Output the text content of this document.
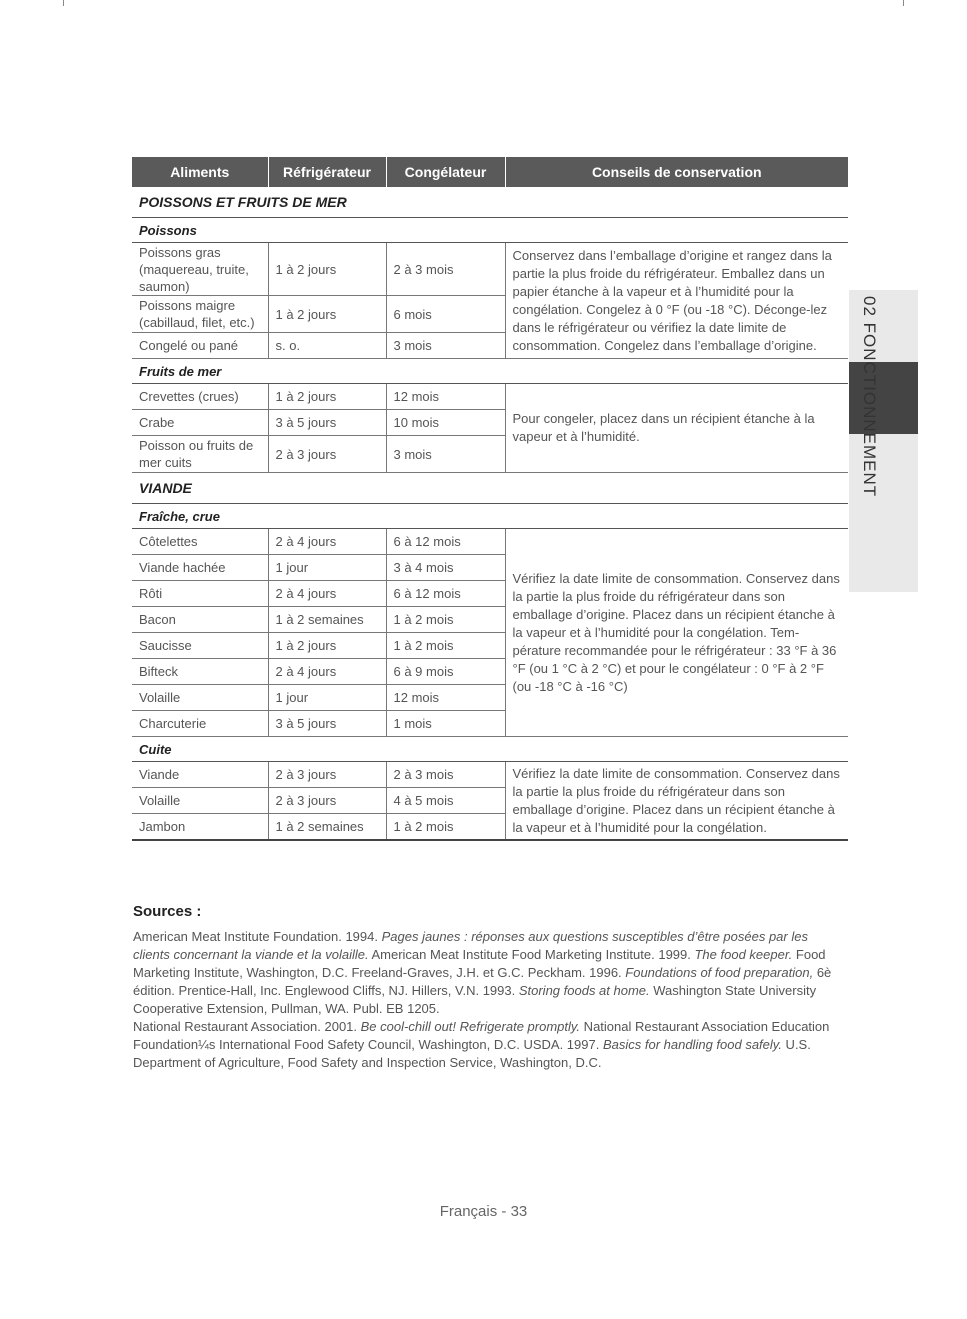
Aliments	Réfrigérateur	Congélateur	Conseils de conservation
POISSONS ET FRUITS DE MER			
Poissons			
Poissons gras (maquereau, truite, saumon)	1 à 2 jours	2 à 3 mois	Conservez dans l’emballage d’origine et rangez dans la partie la plus froide du réfrigérateur. Emballez dans un papier étanche à la vapeur et à l’humidité pour la congélation. Congelez à 0 °F (ou -18 °C). Déconge-lez dans le réfrigérateur ou vérifiez la date limite de consommation. Congelez dans l’emballage d’origine.
Poissons maigre (cabillaud, filet, etc.)	1 à 2 jours	6 mois	
Congelé ou pané	s. o.	3 mois	
Fruits de mer			
Crevettes (crues)	1 à 2 jours	12 mois	Pour congeler, placez dans un récipient étanche à la vapeur et à l’humidité.
Crabe	3 à 5 jours	10 mois	
Poisson ou fruits de mer cuits	2 à 3 jours	3 mois	
VIANDE			
Fraîche, crue			
Côtelettes	2 à 4 jours	6 à 12 mois	Vérifiez la date limite de consommation. Conservez dans la partie la plus froide du réfrigérateur dans son emballage d’origine. Placez dans un récipient étanche à la vapeur et à l’humidité pour la congélation. Tem-pérature recommandée pour le réfrigérateur : 33 °F à 36 °F (ou 1 °C à 2 °C) et pour le congélateur : 0 °F à 2 °F (ou -18 °C à -16 °C)
Viande hachée	1 jour	3 à 4 mois	
Rôti	2 à 4 jours	6 à 12 mois	
Bacon	1 à 2 semaines	1 à 2 mois	
Saucisse	1 à 2 jours	1 à 2 mois	
Bifteck	2 à 4 jours	6 à 9 mois	
Volaille	1 jour	12 mois	
Charcuterie	3 à 5 jours	1 mois	
Cuite			
Viande	2 à 3 jours	2 à 3 mois	Vérifiez la date limite de consommation. Conservez dans la partie la plus froide du réfrigérateur dans son emballage d’origine. Placez dans un récipient étanche à la vapeur et à l’humidité pour la congélation.
Volaille	2 à 3 jours	4 à 5 mois	
Jambon	1 à 2 semaines	1 à 2 mois	
02 FONCTIONNEMENT
Sources :

American Meat Institute Foundation. 1994. Pages jaunes : réponses aux questions susceptibles d’être posées par les clients concernant la viande et la volaille. American Meat Institute Food Marketing Institute. 1999. The food keeper. Food Marketing Institute, Washington, D.C. Freeland-Graves, J.H. et G.C. Peckham. 1996. Foundations of food preparation, 6è édition. Prentice-Hall, Inc. Englewood Cliffs, NJ. Hillers, V.N. 1993. Storing foods at home. Washington State University Cooperative Extension, Pullman, WA. Publ. EB 1205.

National Restaurant Association. 2001. Be cool-chill out! Refrigerate promptly. National Restaurant Association Education Foundation¼s International Food Safety Council, Washington, D.C. USDA. 1997. Basics for handling food safely. U.S. Department of Agriculture, Food Safety and Inspection Service, Washington, D.C.

Français - 33
